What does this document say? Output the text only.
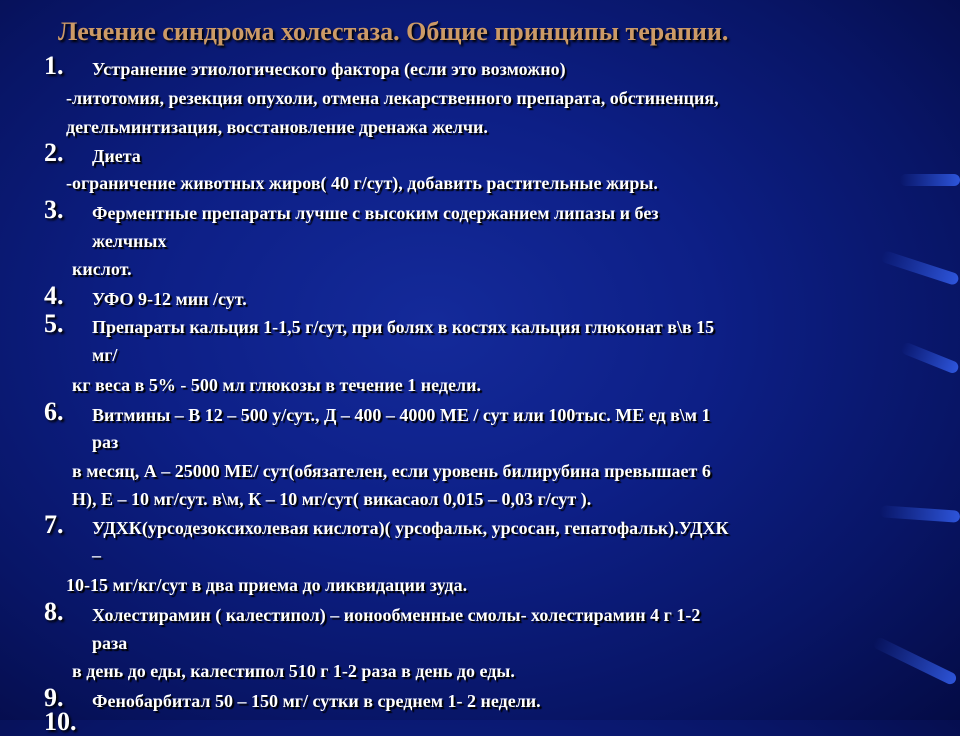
Лечение синдрома холестаза. Общие принципы терапии.
1. Устранение этиологического фактора (если это возможно)
-литотомия, резекция опухоли, отмена лекарственного препарата, обстиненция,
дегельминтизация, восстановление дренажа желчи.
2. Диета
-ограничение животных жиров( 40 г/сут), добавить растительные жиры.
3. Ферментные препараты лучше с высоким содержанием липазы и без
желчных
кислот.
4. УФО 9-12 мин /сут.
5. Препараты кальция 1-1,5 г/сут, при болях в костях кальция глюконат в\в 15
мг/
кг веса в 5% - 500 мл глюкозы в течение 1 недели.
6. Витмины – В 12 – 500 у/сут., Д – 400 – 4000 МЕ / сут или 100тыс. МЕ ед в\м 1
раз
в месяц, А – 25000 МЕ/ сут(обязателен, если уровень билирубина превышает 6
Н), Е – 10 мг/сут. в\м, К – 10 мг/сут( викасаол 0,015 – 0,03 г/сут ).
7. УДХК(урсодезоксихолевая кислота)( урсофальк, урсосан, гепатофальк).УДХК
–
10-15 мг/кг/сут в два приема до ликвидации зуда.
8. Холестирамин ( калестипол) – ионообменные смолы- холестирамин 4 г 1-2
раза
в день до еды, калестипол 510 г 1-2 раза в день до еды.
9. Фенобарбитал 50 – 150 мг/ сутки в среднем 1- 2 недели.
10.
